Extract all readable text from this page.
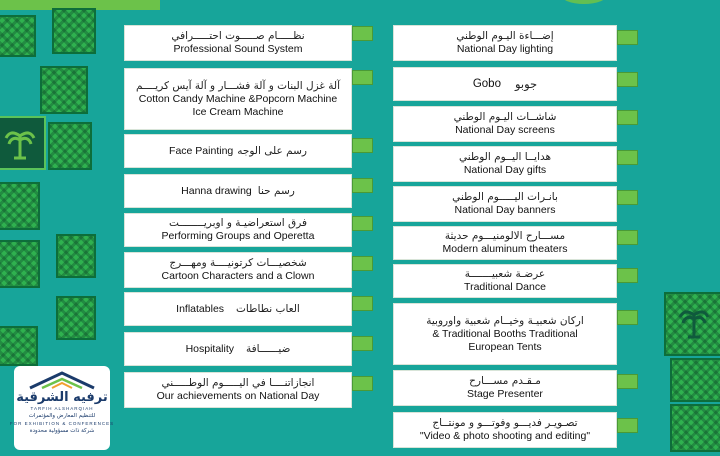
نظـــــام صـــــوت احتـــــرافي
Professional Sound System
آلة غزل البنات و آلة فشـــار و آلة آيس كريــــم
Cotton Candy Machine &Popcorn Machine
Ice Cream Machine
Face Painting رسم على الوجه
Hanna drawing رسم حنا
فرق استعراضيـة و اوبريــــــــت
Performing Groups and Operetta
شخصيـــات كرتونيــــة ومهـــرج
Cartoon Characters and a Clown
Inflatables العاب نطاطات
Hospitality ضيــــــافة
انجازاتنــــا في اليـــــوم الوطـــــني
Our achievements on National Day
إضـــاءة اليـوم الوطني
National Day lighting
Gobo جوبو
شاشــات اليـوم الوطني
National Day screens
هدايــا اليــوم الوطني
National Day gifts
بانـرات اليـــــوم الوطني
National Day banners
مســـارح الالومنيـــوم حديثة
Modern aluminum theaters
عرضـة شعبيـــــــة
Traditional Dance
اركان شعبيـة وخيــام شعبية واوروبية
& Traditional Booths Traditional
European Tents
مـقـدم مســـارح
Stage Presenter
تصـويـر فديـــو وفوتـــو و مونتــاج
"Video & photo shooting and editing"
ترفيه الشرقية
TARFIH ALSHARQIAH
للتنظيم المعارض والمؤتمرات
FOR EXHIBITION & CONFERENCES
شركة ذات مسؤولية محدودة
